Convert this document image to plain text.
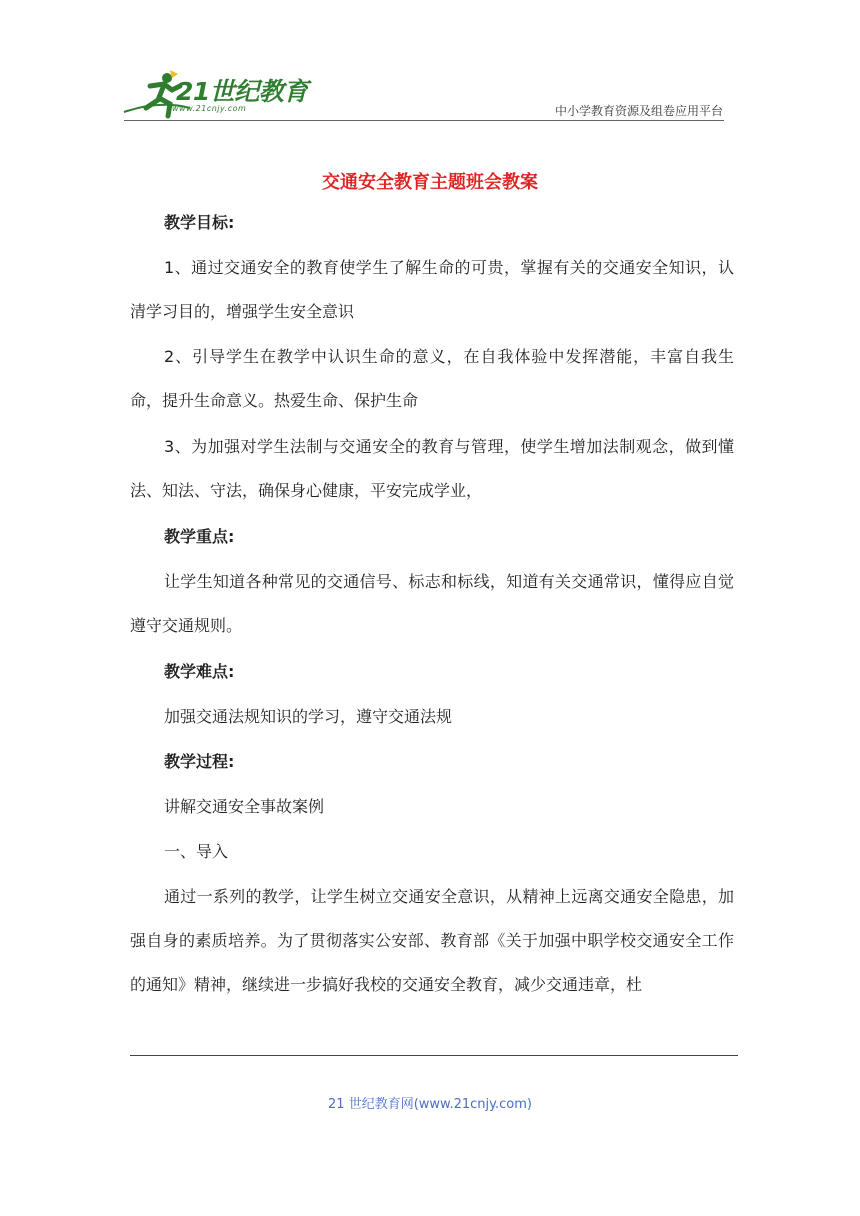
21世纪教育
www.21cnjy.com	中小学教育资源及组卷应用平台
交通安全教育主题班会教案
教学目标:
1、通过交通安全的教育使学生了解生命的可贵，掌握有关的交通安全知识，认清学习目的，增强学生安全意识
2、引导学生在教学中认识生命的意义，在自我体验中发挥潜能，丰富自我生命，提升生命意义。热爱生命、保护生命
3、为加强对学生法制与交通安全的教育与管理，使学生增加法制观念，做到懂法、知法、守法，确保身心健康，平安完成学业，
教学重点:
让学生知道各种常见的交通信号、标志和标线，知道有关交通常识，懂得应自觉遵守交通规则。
教学难点:
加强交通法规知识的学习，遵守交通法规
教学过程:
讲解交通安全事故案例
一、导入
通过一系列的教学，让学生树立交通安全意识，从精神上远离交通安全隐患，加强自身的素质培养。为了贯彻落实公安部、教育部《关于加强中职学校交通安全工作的通知》精神，继续进一步搞好我校的交通安全教育，减少交通违章，杜
21 世纪教育网(www.21cnjy.com)
